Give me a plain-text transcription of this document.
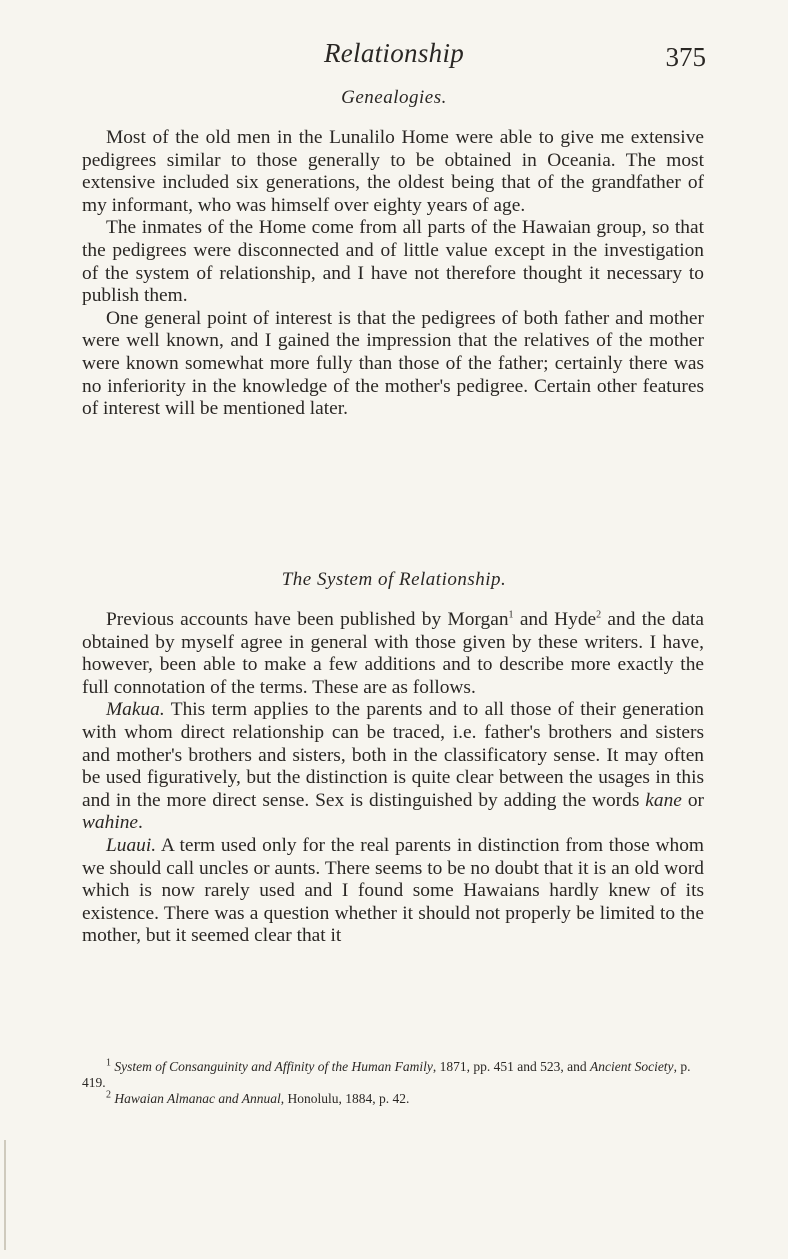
Relationship	375
Genealogies.

Most of the old men in the Lunalilo Home were able to give me extensive pedigrees similar to those generally to be obtained in Oceania. The most extensive included six generations, the oldest being that of the grandfather of my informant, who was himself over eighty years of age.

The inmates of the Home come from all parts of the Hawaian group, so that the pedigrees were disconnected and of little value except in the investigation of the system of relationship, and I have not therefore thought it necessary to publish them.

One general point of interest is that the pedigrees of both father and mother were well known, and I gained the impression that the relatives of the mother were known somewhat more fully than those of the father; certainly there was no inferiority in the knowledge of the mother's pedigree. Certain other features of interest will be mentioned later.

The System of Relationship.

Previous accounts have been published by Morgan$^1$ and Hyde$^2$ and the data obtained by myself agree in general with those given by these writers. I have, however, been able to make a few additions and to describe more exactly the full connotation of the terms. These are as follows.

Makua. This term applies to the parents and to all those of their generation with whom direct relationship can be traced, i.e. father's brothers and sisters and mother's brothers and sisters, both in the classificatory sense. It may often be used figuratively, but the distinction is quite clear between the usages in this and in the more direct sense. Sex is distinguished by adding the words kane or wahine.

Luaui. A term used only for the real parents in distinction from those whom we should call uncles or aunts. There seems to be no doubt that it is an old word which is now rarely used and I found some Hawaians hardly knew of its existence. There was a question whether it should not properly be limited to the mother, but it seemed clear that it

$^1$ System of Consanguinity and Affinity of the Human Family, 1871, pp. 451 and 523, and Ancient Society, p. 419.

$^2$ Hawaian Almanac and Annual, Honolulu, 1884, p. 42.
